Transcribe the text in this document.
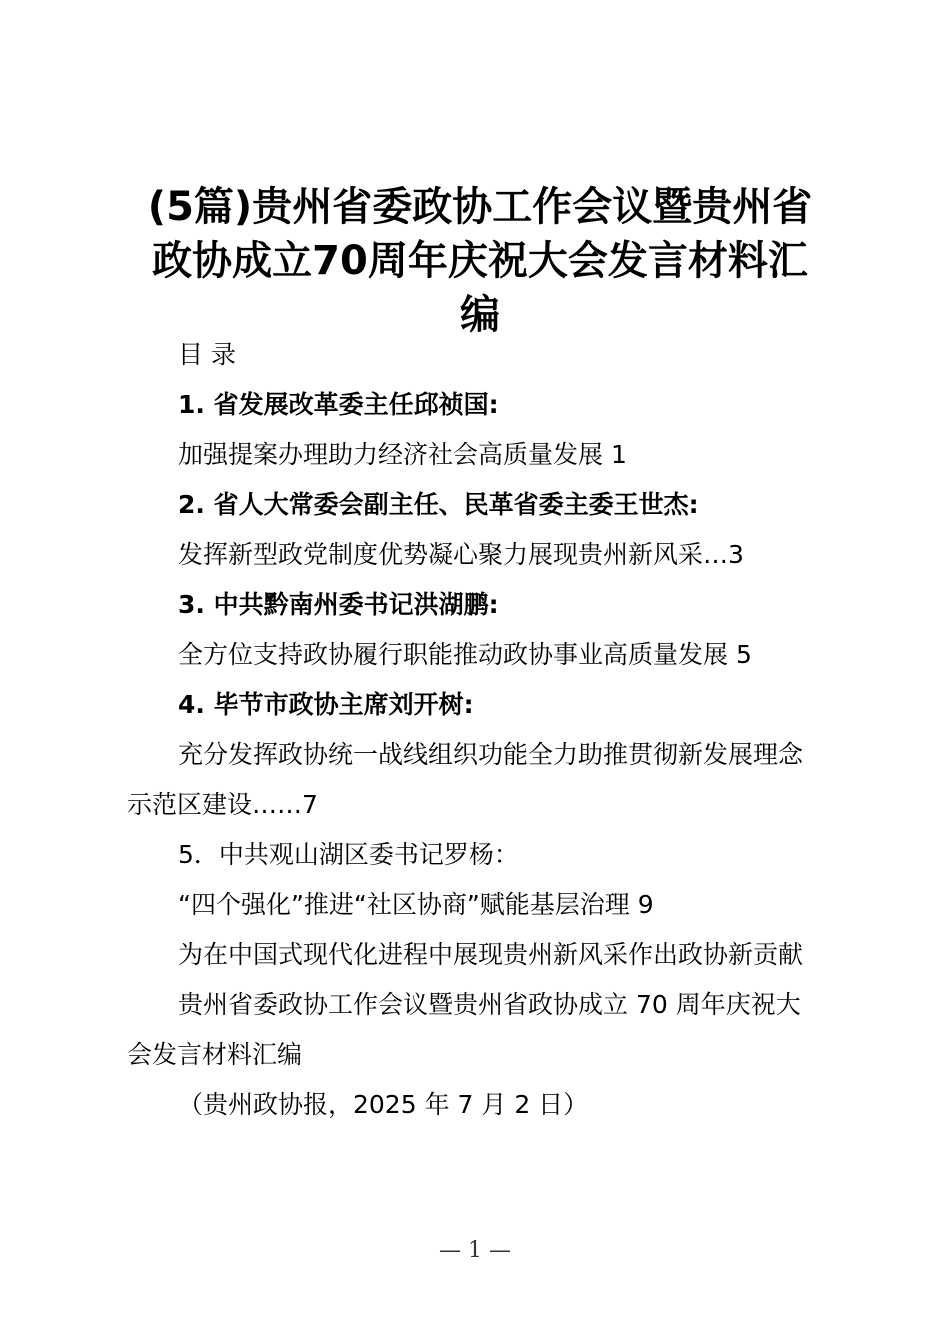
(5篇)贵州省委政协工作会议暨贵州省
政协成立70周年庆祝大会发言材料汇
编

目 录

1. 省发展改革委主任邱祯国:

加强提案办理助力经济社会高质量发展 1

2. 省人大常委会副主任、民革省委主委王世杰:

发挥新型政党制度优势凝心聚力展现贵州新风采…3

3. 中共黔南州委书记洪湖鹏:

全方位支持政协履行职能推动政协事业高质量发展 5

4. 毕节市政协主席刘开树:

充分发挥政协统一战线组织功能全力助推贯彻新发展理念

示范区建设……7

5．中共观山湖区委书记罗杨：

“四个强化”推进“社区协商”赋能基层治理 9

为在中国式现代化进程中展现贵州新风采作出政协新贡献

贵州省委政协工作会议暨贵州省政协成立 70 周年庆祝大

会发言材料汇编

（贵州政协报，2025 年 7 月 2 日）

— 1 —
